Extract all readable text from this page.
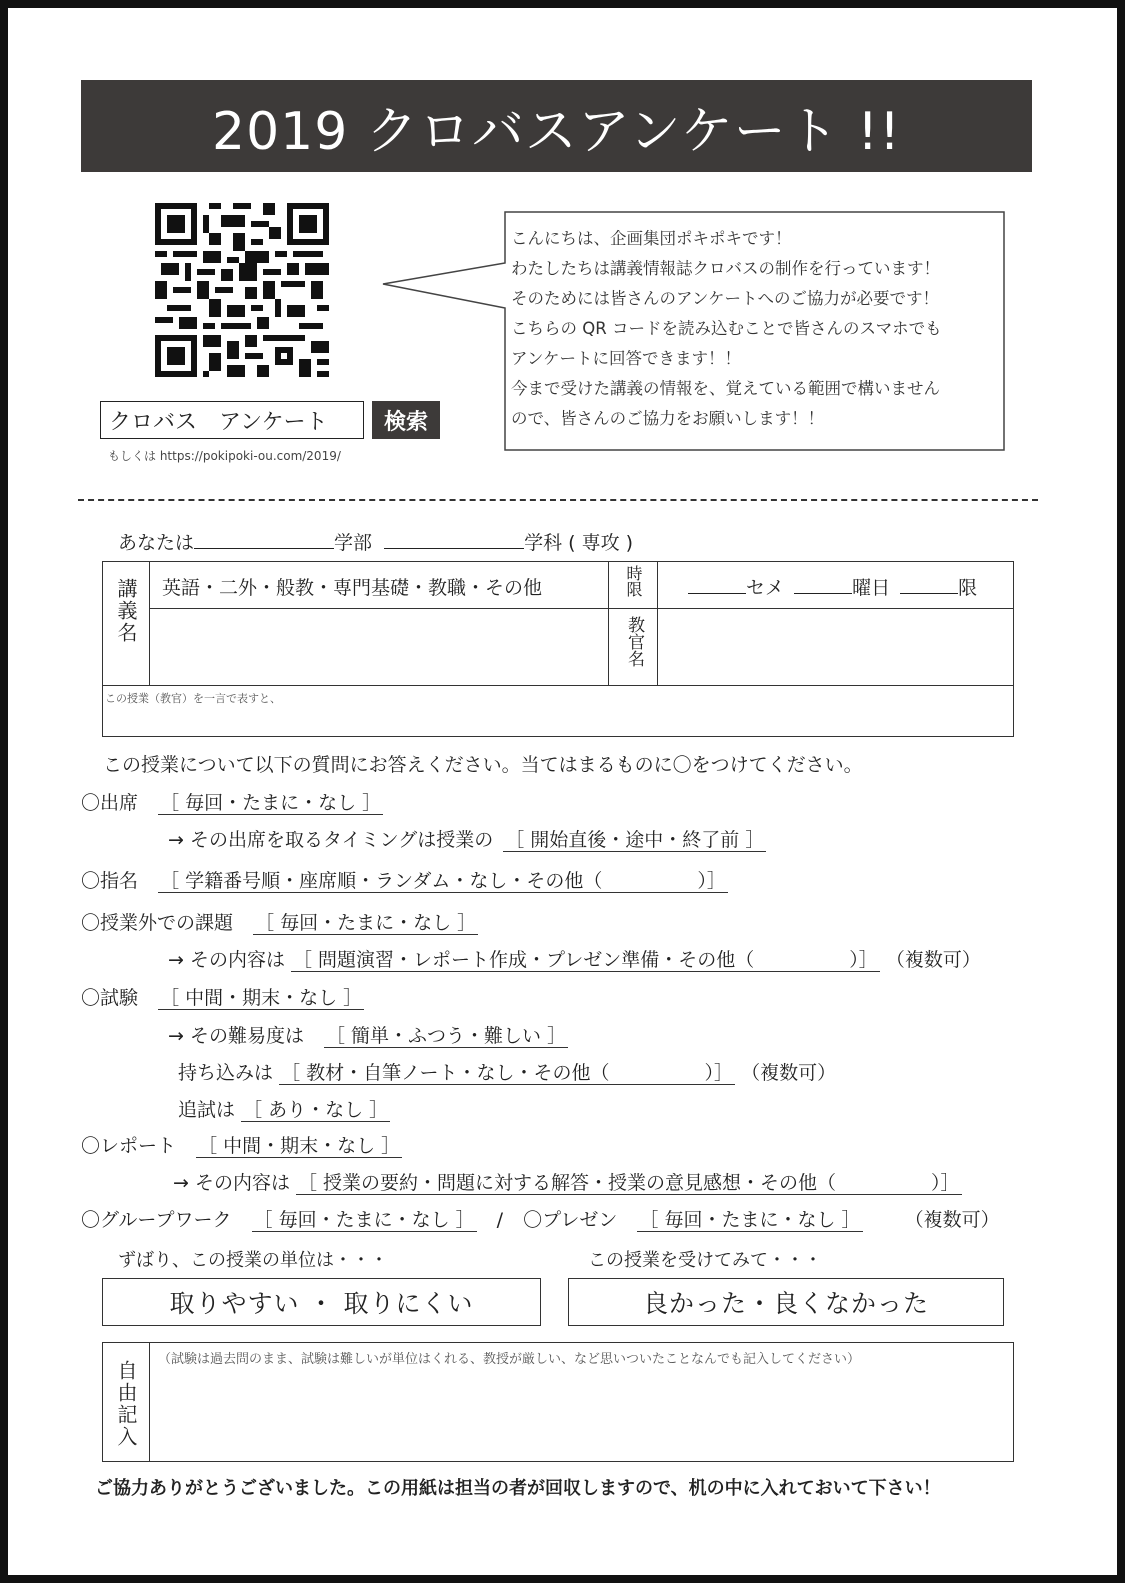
2019 クロバスアンケート !!
クロバス　アンケート	検索
もしくは https://pokipoki-ou.com/2019/
こんにちは、企画集団ポキポキです！
わたしたちは講義情報誌クロバスの制作を行っています！
そのためには皆さんのアンケートへのご協力が必要です！
こちらの QR コードを読み込むことで皆さんのスマホでも
アンケートに回答できます！！
今まで受けた講義の情報を、覚えている範囲で構いません
ので、皆さんのご協力をお願いします！！
あなたは	学部	学科 ( 専攻 )
講義名 英語・二外・般教・専門基礎・教職・その他	時限	セメ	曜日	限
教官名
この授業（教官）を一言で表すと、
この授業について以下の質問にお答えください。当てはまるものに〇をつけてください。
〇出席 ［ 毎回・たまに・なし ］
→ その出席を取るタイミングは授業の ［ 開始直後・途中・終了前 ］
〇指名 ［ 学籍番号順・座席順・ランダム・なし・その他（　　　　　）］
〇授業外での課題 ［ 毎回・たまに・なし ］
→ その内容は ［ 問題演習・レポート作成・プレゼン準備・その他（　　　　　）］ （複数可）
〇試験 ［ 中間・期末・なし ］
→ その難易度は ［ 簡単・ふつう・難しい ］
持ち込みは ［ 教材・自筆ノート・なし・その他（　　　　　）］ （複数可）
追試は ［ あり・なし ］
〇レポート ［ 中間・期末・なし ］
→ その内容は ［ 授業の要約・問題に対する解答・授業の意見感想・その他（　　　　　）］
〇グループワーク ［ 毎回・たまに・なし ］ / 〇プレゼン ［ 毎回・たまに・なし ］ （複数可）
ずばり、この授業の単位は・・・	この授業を受けてみて・・・
取りやすい ・ 取りにくい	良かった・良くなかった
自由記入
（試験は過去問のまま、試験は難しいが単位はくれる、教授が厳しい、など思いついたことなんでも記入してください）
ご協力ありがとうございました。この用紙は担当の者が回収しますので、机の中に入れておいて下さい！
